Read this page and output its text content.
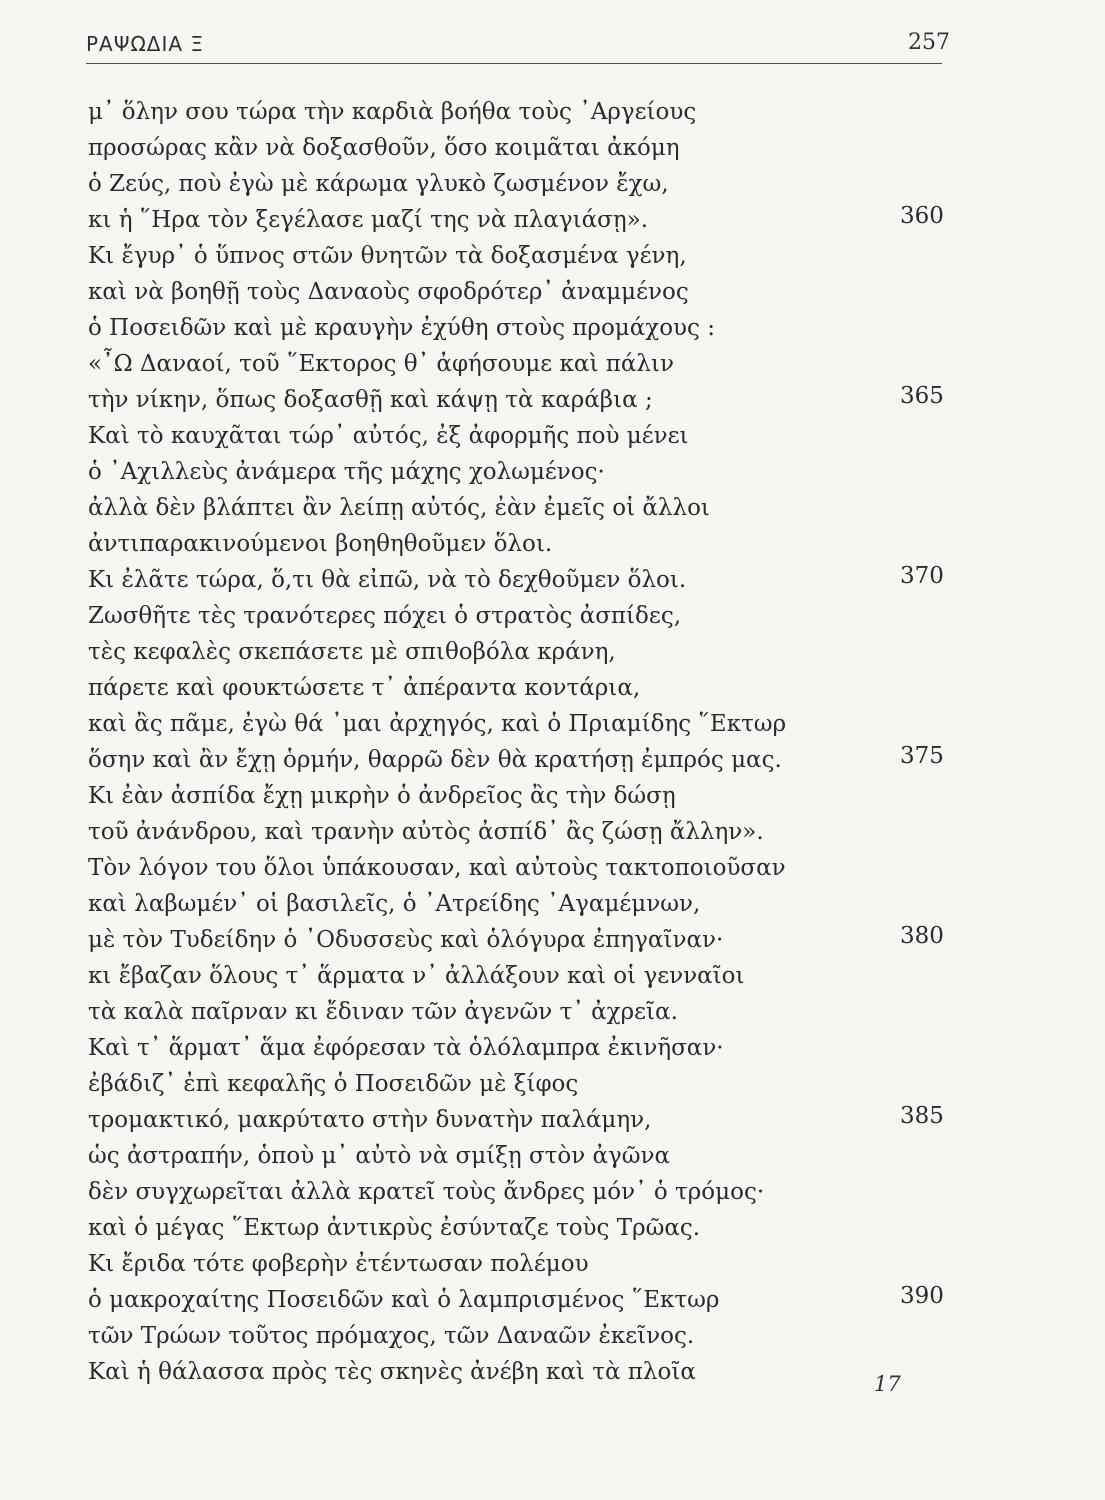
ΡΑΨΩΔΙΑ Ξ	257
μ᾽ ὅλην σου τώρα τὴν καρδιὰ βοήθα τοὺς ᾽Αργείους
προσώρας κἂν νὰ δοξασθοῦν, ὅσο κοιμᾶται ἀκόμη
ὁ Ζεύς, ποὺ ἐγὼ μὲ κάρωμα γλυκὸ ζωσμένον ἔχω,
κι ἡ ῞Ηρα τὸν ξεγέλασε μαζί της νὰ πλαγιάσῃ».	360
Κι ἔγυρ᾽ ὁ ὕπνος στῶν θνητῶν τὰ δοξασμένα γένη,
καὶ νὰ βοηθῇ τοὺς Δαναοὺς σφοδρότερ᾽ ἀναμμένος
ὁ Ποσειδῶν καὶ μὲ κραυγὴν ἐχύθη στοὺς προμάχους :
«῏Ω Δαναοί, τοῦ ῞Εκτορος θ᾽ ἀφήσουμε καὶ πάλιν
τὴν νίκην, ὅπως δοξασθῇ καὶ κάψῃ τὰ καράβια ;	365
Καὶ τὸ καυχᾶται τώρ᾽ αὐτός, ἐξ ἀφορμῆς ποὺ μένει
ὁ ᾽Αχιλλεὺς ἀνάμερα τῆς μάχης χολωμένος·
ἀλλὰ δὲν βλάπτει ἂν λείπῃ αὐτός, ἐὰν ἐμεῖς οἱ ἄλλοι
ἀντιπαρακινούμενοι βοηθηθοῦμεν ὅλοι.
Κι ἐλᾶτε τώρα, ὅ,τι θὰ εἰπῶ, νὰ τὸ δεχθοῦμεν ὅλοι.	370
Ζωσθῆτε τὲς τρανότερες πόχει ὁ στρατὸς ἀσπίδες,
τὲς κεφαλὲς σκεπάσετε μὲ σπιθοβόλα κράνη,
πάρετε καὶ φουκτώσετε τ᾽ ἀπέραντα κοντάρια,
καὶ ἂς πᾶμε, ἐγὼ θά ᾽μαι ἀρχηγός, καὶ ὁ Πριαμίδης ῞Εκτωρ
ὅσην καὶ ἂν ἔχῃ ὁρμήν, θαρρῶ δὲν θὰ κρατήσῃ ἐμπρός μας.	375
Κι ἐὰν ἀσπίδα ἔχῃ μικρὴν ὁ ἀνδρεῖος ἂς τὴν δώσῃ
τοῦ ἀνάνδρου, καὶ τρανὴν αὐτὸς ἀσπίδ᾽ ἂς ζώσῃ ἄλλην».
Τὸν λόγον του ὅλοι ὑπάκουσαν, καὶ αὐτοὺς τακτοποιοῦσαν
καὶ λαβωμέν᾽ οἱ βασιλεῖς, ὁ ᾽Ατρείδης ᾽Αγαμέμνων,
μὲ τὸν Τυδείδην ὁ ᾽Οδυσσεὺς καὶ ὁλόγυρα ἐπηγαῖναν·	380
κι ἔβαζαν ὅλους τ᾽ ἅρματα ν᾽ ἀλλάξουν καὶ οἱ γενναῖοι
τὰ καλὰ παῖρναν κι ἔδιναν τῶν ἀγενῶν τ᾽ ἀχρεῖα.
Καὶ τ᾽ ἅρματ᾽ ἅμα ἐφόρεσαν τὰ ὁλόλαμπρα ἐκινῆσαν·
ἐβάδιζ᾽ ἐπὶ κεφαλῆς ὁ Ποσειδῶν μὲ ξίφος
τρομακτικό, μακρύτατο στὴν δυνατὴν παλάμην,	385
ὡς ἀστραπήν, ὁποὺ μ᾽ αὐτὸ νὰ σμίξῃ στὸν ἀγῶνα
δὲν συγχωρεῖται ἀλλὰ κρατεῖ τοὺς ἄνδρες μόν᾽ ὁ τρόμος·
καὶ ὁ μέγας ῞Εκτωρ ἀντικρὺς ἐσύνταζε τοὺς Τρῶας.
Κι ἔριδα τότε φοβερὴν ἐτέντωσαν πολέμου
ὁ μακροχαίτης Ποσειδῶν καὶ ὁ λαμπρισμένος ῞Εκτωρ	390
τῶν Τρώων τοῦτος πρόμαχος, τῶν Δαναῶν ἐκεῖνος.
Καὶ ἡ θάλασσα πρὸς τὲς σκηνὲς ἀνέβη καὶ τὰ πλοῖα	17
